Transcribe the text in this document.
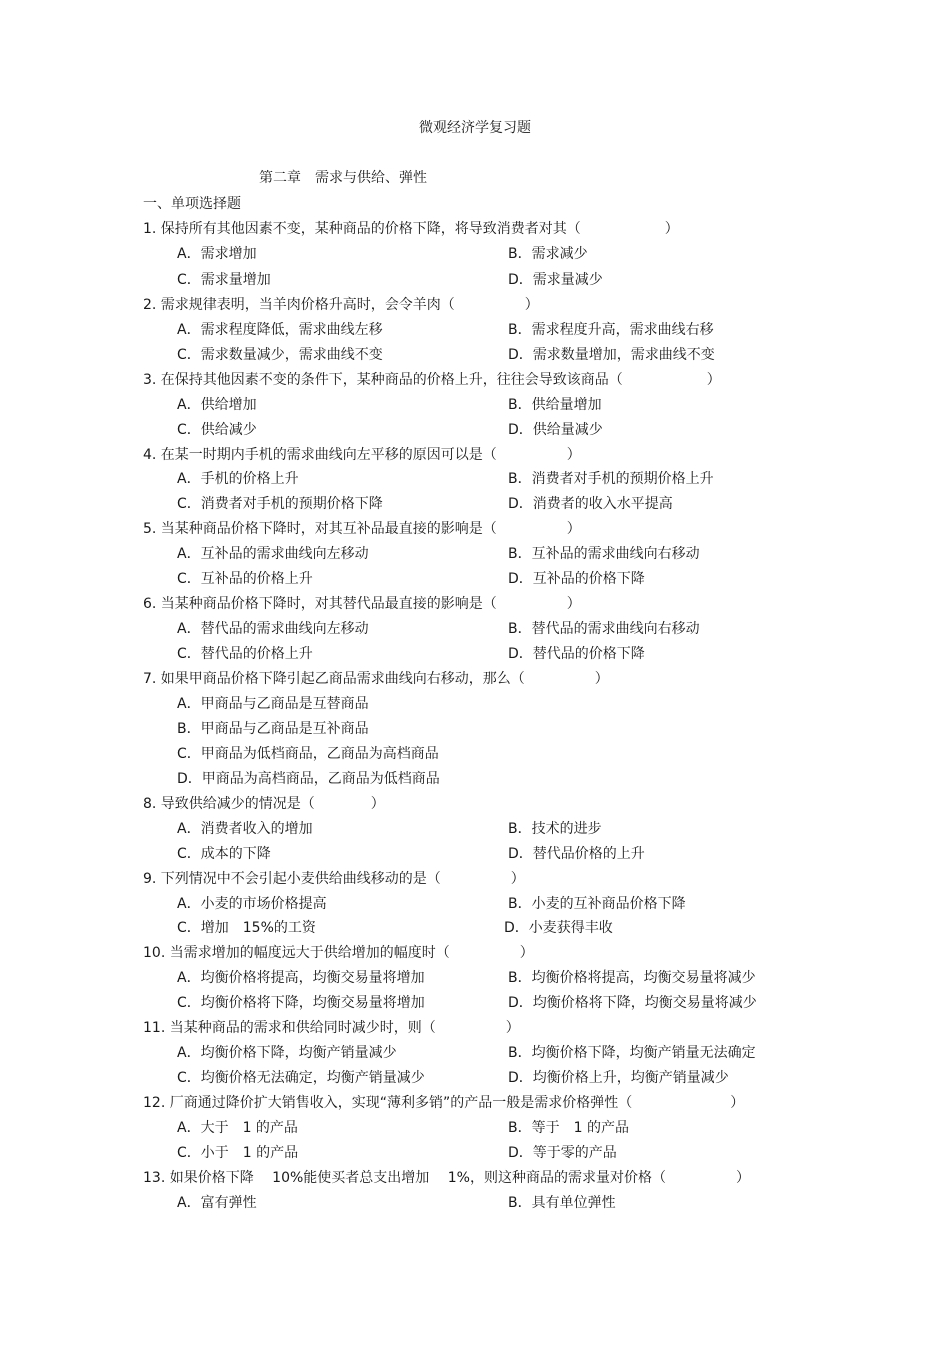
微观经济学复习题
第二章　需求与供给、弹性
一、单项选择题
1. 保持所有其他因素不变，某种商品的价格下降，将导致消费者对其（　　　　　　）
A．需求增加	B．需求减少
C．需求量增加	D．需求量减少
2. 需求规律表明，当羊肉价格升高时，会令羊肉（　　　　　）
A．需求程度降低，需求曲线左移	B．需求程度升高，需求曲线右移
C．需求数量减少，需求曲线不变	D．需求数量增加，需求曲线不变
3. 在保持其他因素不变的条件下，某种商品的价格上升，往往会导致该商品（　　　　　　）
A．供给增加	B．供给量增加
C．供给减少	D．供给量减少
4. 在某一时期内手机的需求曲线向左平移的原因可以是（　　　　　）
A．手机的价格上升	B．消费者对手机的预期价格上升
C．消费者对手机的预期价格下降	D．消费者的收入水平提高
5. 当某种商品价格下降时，对其互补品最直接的影响是（　　　　　）
A．互补品的需求曲线向左移动	B．互补品的需求曲线向右移动
C．互补品的价格上升	D．互补品的价格下降
6. 当某种商品价格下降时，对其替代品最直接的影响是（　　　　　）
A．替代品的需求曲线向左移动	B．替代品的需求曲线向右移动
C．替代品的价格上升	D．替代品的价格下降
7. 如果甲商品价格下降引起乙商品需求曲线向右移动，那么（　　　　　）
A．甲商品与乙商品是互替商品
B．甲商品与乙商品是互补商品
C．甲商品为低档商品，乙商品为高档商品
D．甲商品为高档商品，乙商品为低档商品
8. 导致供给减少的情况是（　　　　）
A．消费者收入的增加	B．技术的进步
C．成本的下降	D．替代品价格的上升
9. 下列情况中不会引起小麦供给曲线移动的是（　　　　　）
A．小麦的市场价格提高	B．小麦的互补商品价格下降
C．增加　15%的工资	D．小麦获得丰收
10. 当需求增加的幅度远大于供给增加的幅度时（　　　　　）
A．均衡价格将提高，均衡交易量将增加	B．均衡价格将提高，均衡交易量将减少
C．均衡价格将下降，均衡交易量将增加	D．均衡价格将下降，均衡交易量将减少
11. 当某种商品的需求和供给同时减少时，则（　　　　　）
A．均衡价格下降，均衡产销量减少	B．均衡价格下降，均衡产销量无法确定
C．均衡价格无法确定，均衡产销量减少	D．均衡价格上升，均衡产销量减少
12. 厂商通过降价扩大销售收入，实现“薄利多销”的产品一般是需求价格弹性（　　　　　　　）
A．大于　1 的产品	B．等于　1 的产品
C．小于　1 的产品	D．等于零的产品
13. 如果价格下降　 10%能使买者总支出增加　 1%，则这种商品的需求量对价格（　　　　　）
A．富有弹性	B．具有单位弹性
